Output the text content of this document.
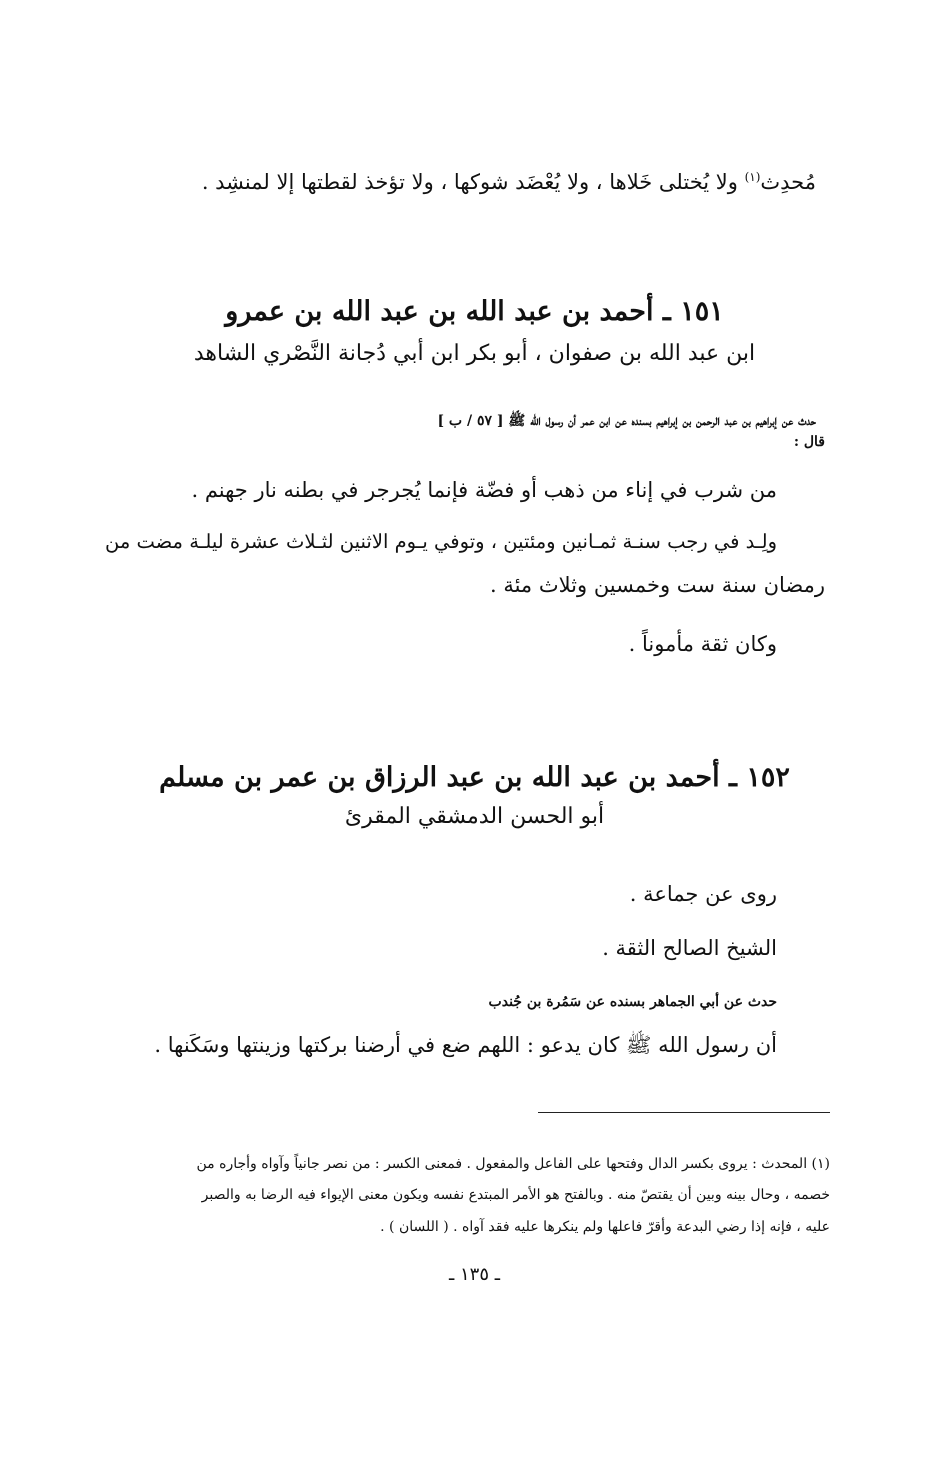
مُحدِث$^{(١)}$ ولا يُختلى خَلاها ، ولا يُعْضَد شوكها ، ولا تؤخذ لقطتها إلا لمنشِد .
١٥١ ـ أحمد بن عبد الله بن عبد الله بن عمرو
ابن عبد الله بن صفوان ، أبو بكر ابن أبي دُجانة النَّصْري الشاهد
حدث عن إبراهيم بن عبد الرحمن بن إبراهيم بسنده عن ابن عمر أن رسول الله ﷺ [ ٥٧ / ب ]
قال :
من شرب في إناء من ذهب أو فضّة فإنما يُجرجر في بطنه نار جهنم .
ولِـد في رجب سنـة ثمـانين ومئتين ، وتوفي يـوم الاثنين لثـلاث عشرة ليلـة مضت من
رمضان سنة ست وخمسين وثلاث مئة .
وكان ثقة مأموناً .
١٥٢ ـ أحمد بن عبد الله بن عبد الرزاق بن عمر بن مسلم
أبو الحسن الدمشقي المقرئ
روى عن جماعة .
الشيخ الصالح الثقة .
حدث عن أبي الجماهر بسنده عن سَمُرة بن جُندب
أن رسول الله ﷺ كان يدعو : اللهم ضع في أرضنا بركتها وزينتها وسَكَنها .
(١) المحدث : يروى بكسر الدال وفتحها على الفاعل والمفعول . فمعنى الكسر : من نصر جانياً وآواه وأجاره من
خصمه ، وحال بينه وبين أن يقتصّ منه . وبالفتح هو الأمر المبتدع نفسه ويكون معنى الإيواء فيه الرضا به والصبر
عليه ، فإنه إذا رضي البدعة وأقرّ فاعلها ولم ينكرها عليه فقد آواه . ( اللسان ) .
ـ ١٣٥ ـ
